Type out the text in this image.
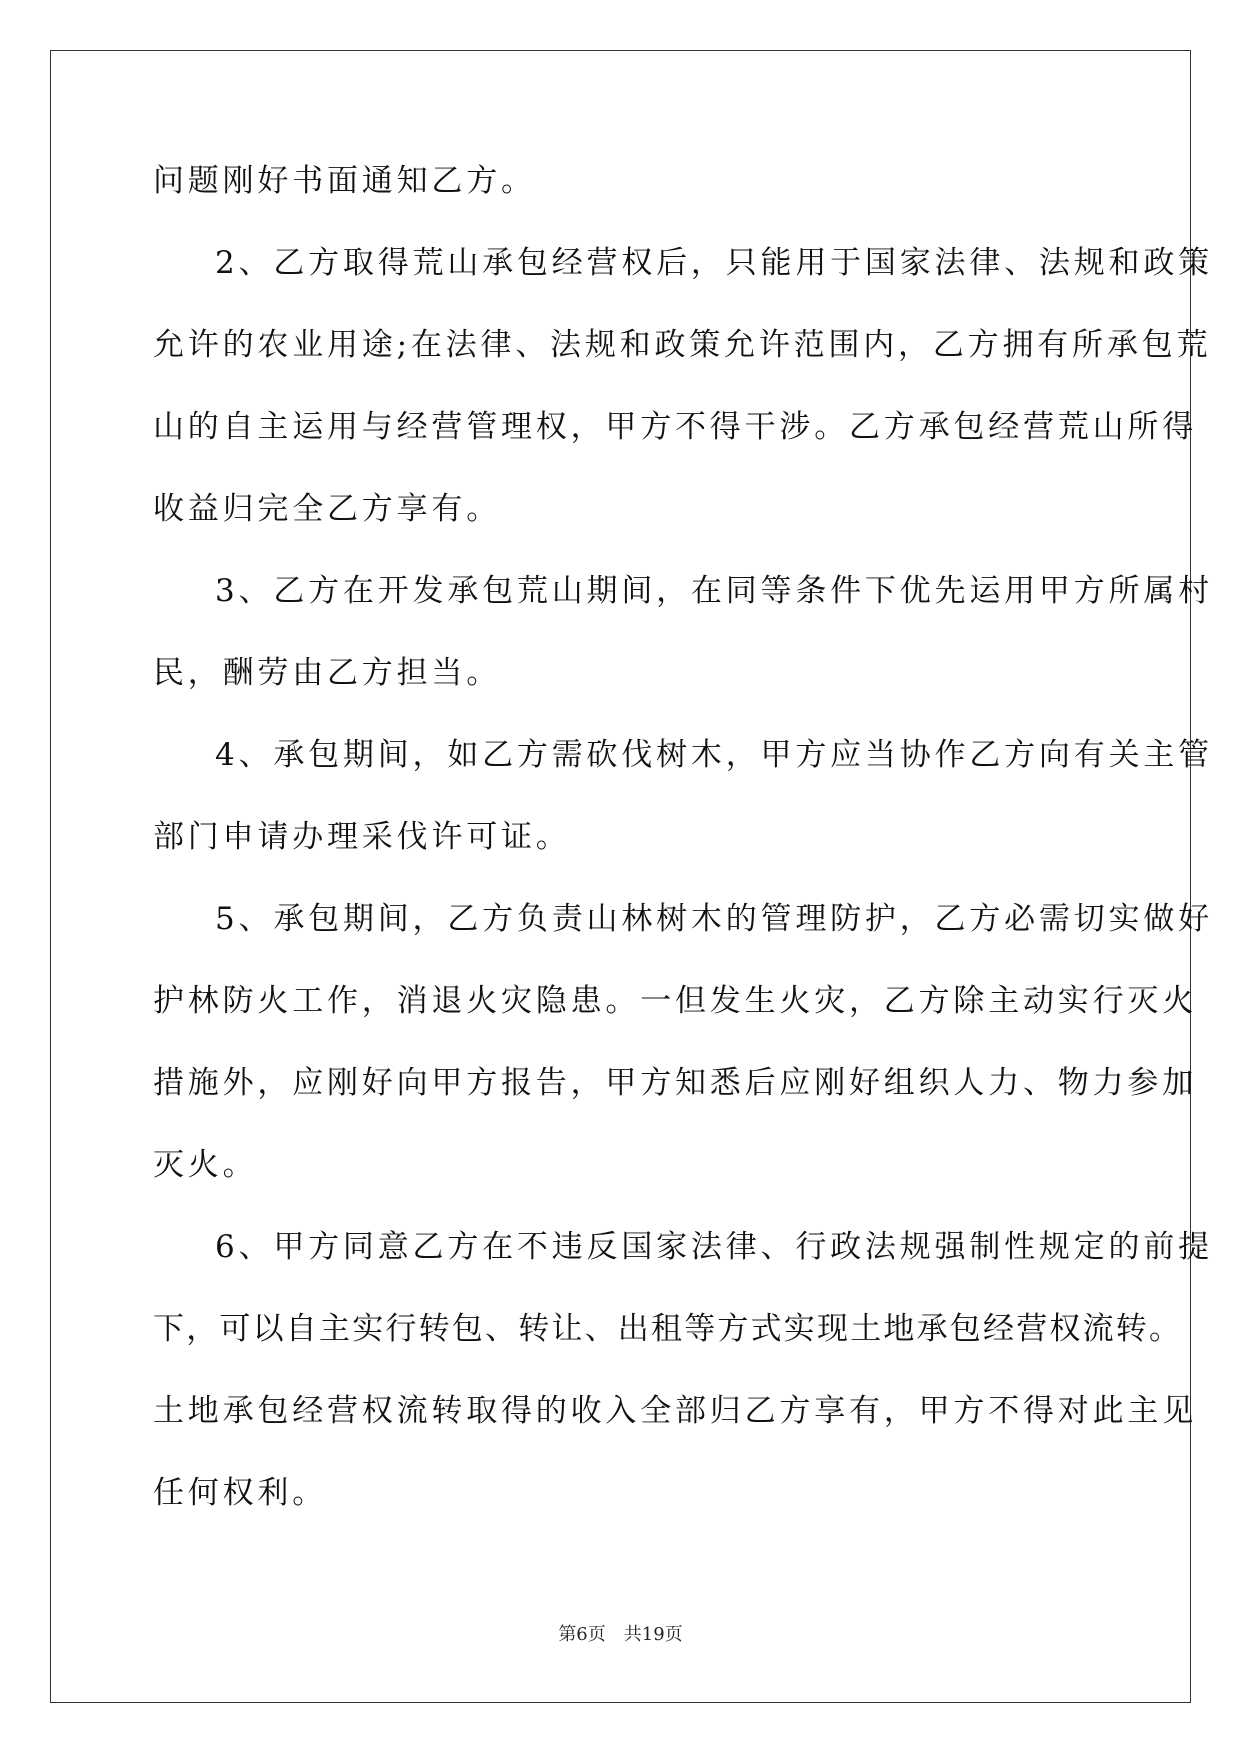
问题刚好书面通知乙方。
2、乙方取得荒山承包经营权后，只能用于国家法律、法规和政策
允许的农业用途;在法律、法规和政策允许范围内，乙方拥有所承包荒
山的自主运用与经营管理权，甲方不得干涉。乙方承包经营荒山所得
收益归完全乙方享有。
3、乙方在开发承包荒山期间，在同等条件下优先运用甲方所属村
民，酬劳由乙方担当。
4、承包期间，如乙方需砍伐树木，甲方应当协作乙方向有关主管
部门申请办理采伐许可证。
5、承包期间，乙方负责山林树木的管理防护，乙方必需切实做好
护林防火工作，消退火灾隐患。一但发生火灾，乙方除主动实行灭火
措施外，应刚好向甲方报告，甲方知悉后应刚好组织人力、物力参加
灭火。
6、甲方同意乙方在不违反国家法律、行政法规强制性规定的前提
下，可以自主实行转包、转让、出租等方式实现土地承包经营权流转。
土地承包经营权流转取得的收入全部归乙方享有，甲方不得对此主见
任何权利。
第6页　共19页
